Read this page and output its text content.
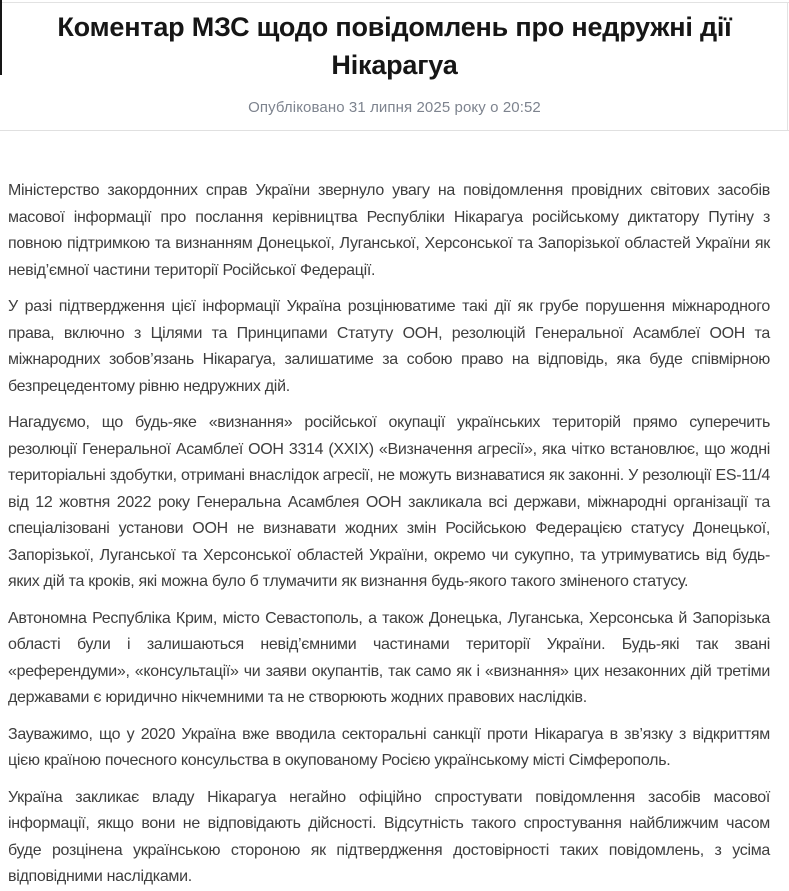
Коментар МЗС щодо повідомлень про недружні дії Нікарагуа
Опубліковано 31 липня 2025 року о 20:52

Міністерство закордонних справ України звернуло увагу на повідомлення провідних світових засобів масової інформації про послання керівництва Республіки Нікарагуа російському диктатору Путіну з повною підтримкою та визнанням Донецької, Луганської, Херсонської та Запорізької областей України як невід’ємної частини території Російської Федерації.

У разі підтвердження цієї інформації Україна розцінюватиме такі дії як грубе порушення міжнародного права, включно з Цілями та Принципами Статуту ООН, резолюцій Генеральної Асамблеї ООН та міжнародних зобов’язань Нікарагуа, залишатиме за собою право на відповідь, яка буде співмірною безпрецедентому рівню недружних дій.

Нагадуємо, що будь-яке «визнання» російської окупації українських територій прямо суперечить резолюції Генеральної Асамблеї ООН 3314 (XXIX) «Визначення агресії», яка чітко встановлює, що жодні територіальні здобутки, отримані внаслідок агресії, не можуть визнаватися як законні. У резолюції ES-11/4 від 12 жовтня 2022 року Генеральна Асамблея ООН закликала всі держави, міжнародні організації та спеціалізовані установи ООН не визнавати жодних змін Російською Федерацією статусу Донецької, Запорізької, Луганської та Херсонської областей України, окремо чи сукупно, та утримуватись від будь-яких дій та кроків, які можна було б тлумачити як визнання будь-якого такого зміненого статусу.

Автономна Республіка Крим, місто Севастополь, а також Донецька, Луганська, Херсонська й Запорізька області були і залишаються невід’ємними частинами території України. Будь-які так звані «референдуми», «консультації» чи заяви окупантів, так само як і «визнання» цих незаконних дій третіми державами є юридично нікчемними та не створюють жодних правових наслідків.

Зауважимо, що у 2020 Україна вже вводила секторальні санкції проти Нікарагуа в зв’язку з відкриттям цією країною почесного консульства в окупованому Росією українському місті Сімферополь.

Україна закликає владу Нікарагуа негайно офіційно спростувати повідомлення засобів масової інформації, якщо вони не відповідають дійсності. Відсутність такого спростування найближчим часом буде розцінена українською стороною як підтвердження достовірності таких повідомлень, з усіма відповідними наслідками.
